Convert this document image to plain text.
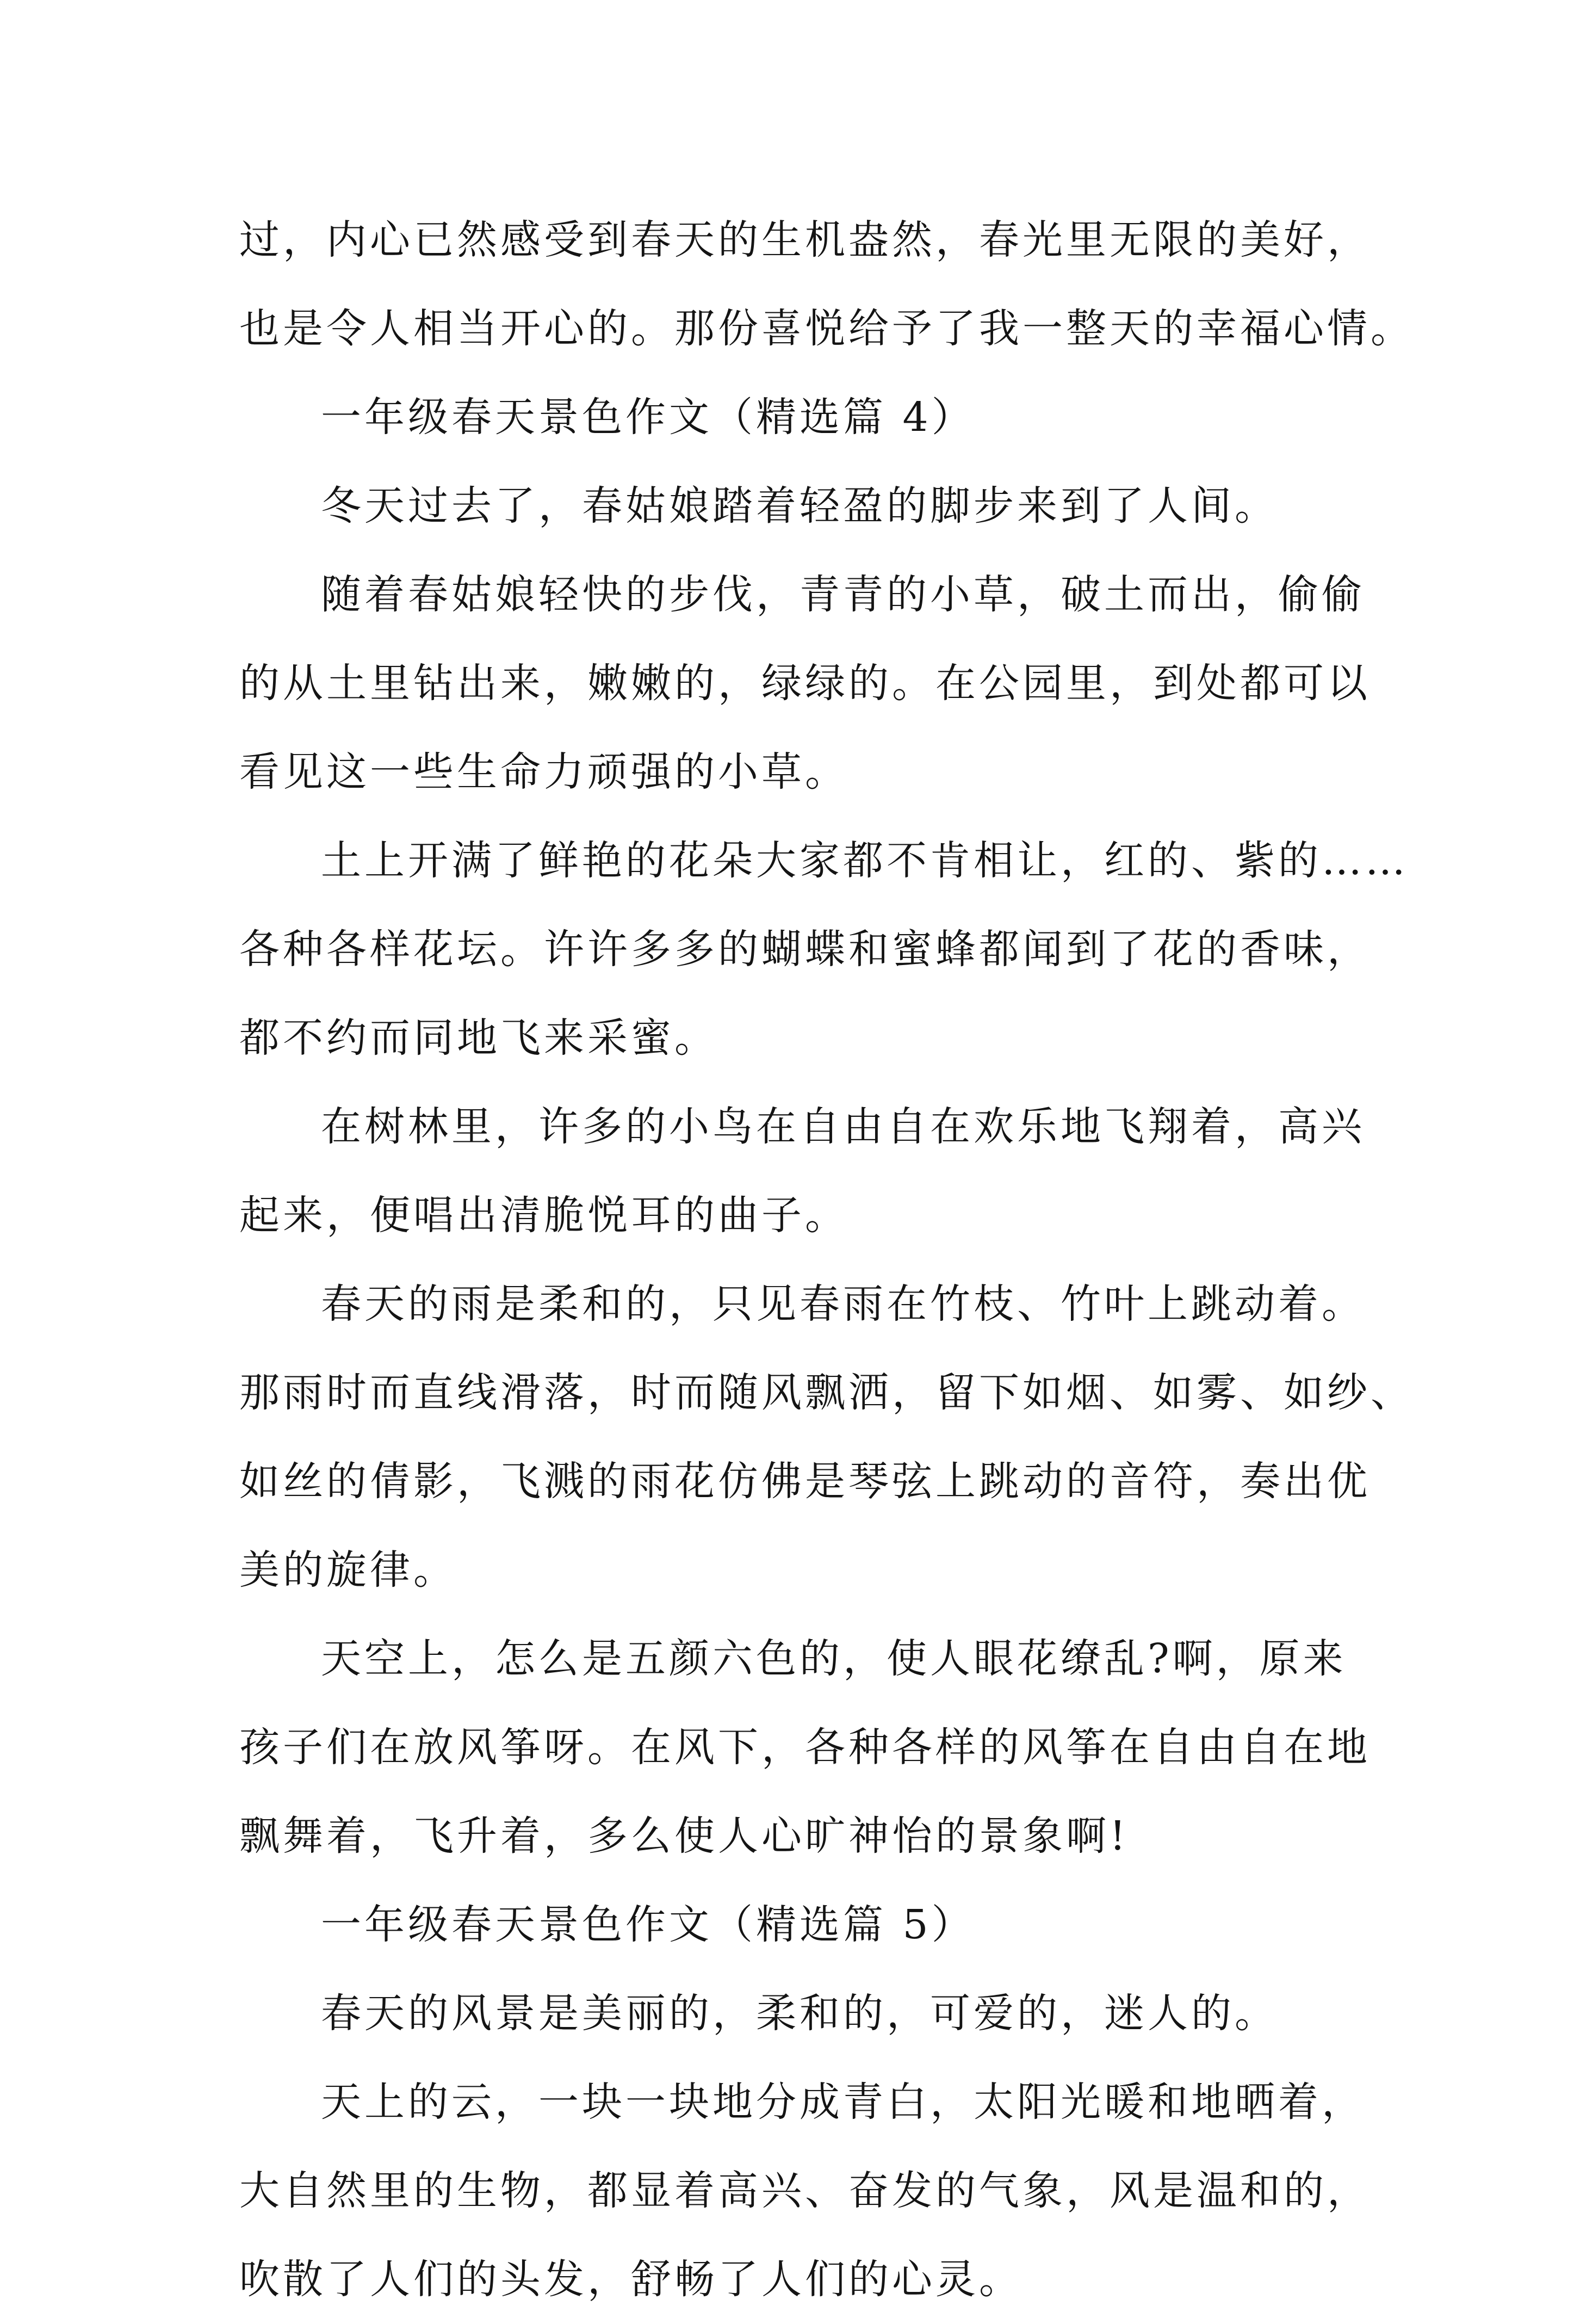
过，内心已然感受到春天的生机盎然，春光里无限的美好，
也是令人相当开心的。那份喜悦给予了我一整天的幸福心情。
一年级春天景色作文（精选篇 4）
冬天过去了，春姑娘踏着轻盈的脚步来到了人间。
随着春姑娘轻快的步伐，青青的小草，破土而出，偷偷
的从土里钻出来，嫩嫩的，绿绿的。在公园里，到处都可以
看见这一些生命力顽强的小草。
土上开满了鲜艳的花朵大家都不肯相让，红的、紫的……
各种各样花坛。许许多多的蝴蝶和蜜蜂都闻到了花的香味，
都不约而同地飞来采蜜。
在树林里，许多的小鸟在自由自在欢乐地飞翔着，高兴
起来，便唱出清脆悦耳的曲子。
春天的雨是柔和的，只见春雨在竹枝、竹叶上跳动着。
那雨时而直线滑落，时而随风飘洒，留下如烟、如雾、如纱、
如丝的倩影，飞溅的雨花仿佛是琴弦上跳动的音符，奏出优
美的旋律。
天空上，怎么是五颜六色的，使人眼花缭乱?啊，原来
孩子们在放风筝呀。在风下，各种各样的风筝在自由自在地
飘舞着，飞升着，多么使人心旷神怡的景象啊!
一年级春天景色作文（精选篇 5）
春天的风景是美丽的，柔和的，可爱的，迷人的。
天上的云，一块一块地分成青白，太阳光暖和地晒着，
大自然里的生物，都显着高兴、奋发的气象，风是温和的，
吹散了人们的头发，舒畅了人们的心灵。
